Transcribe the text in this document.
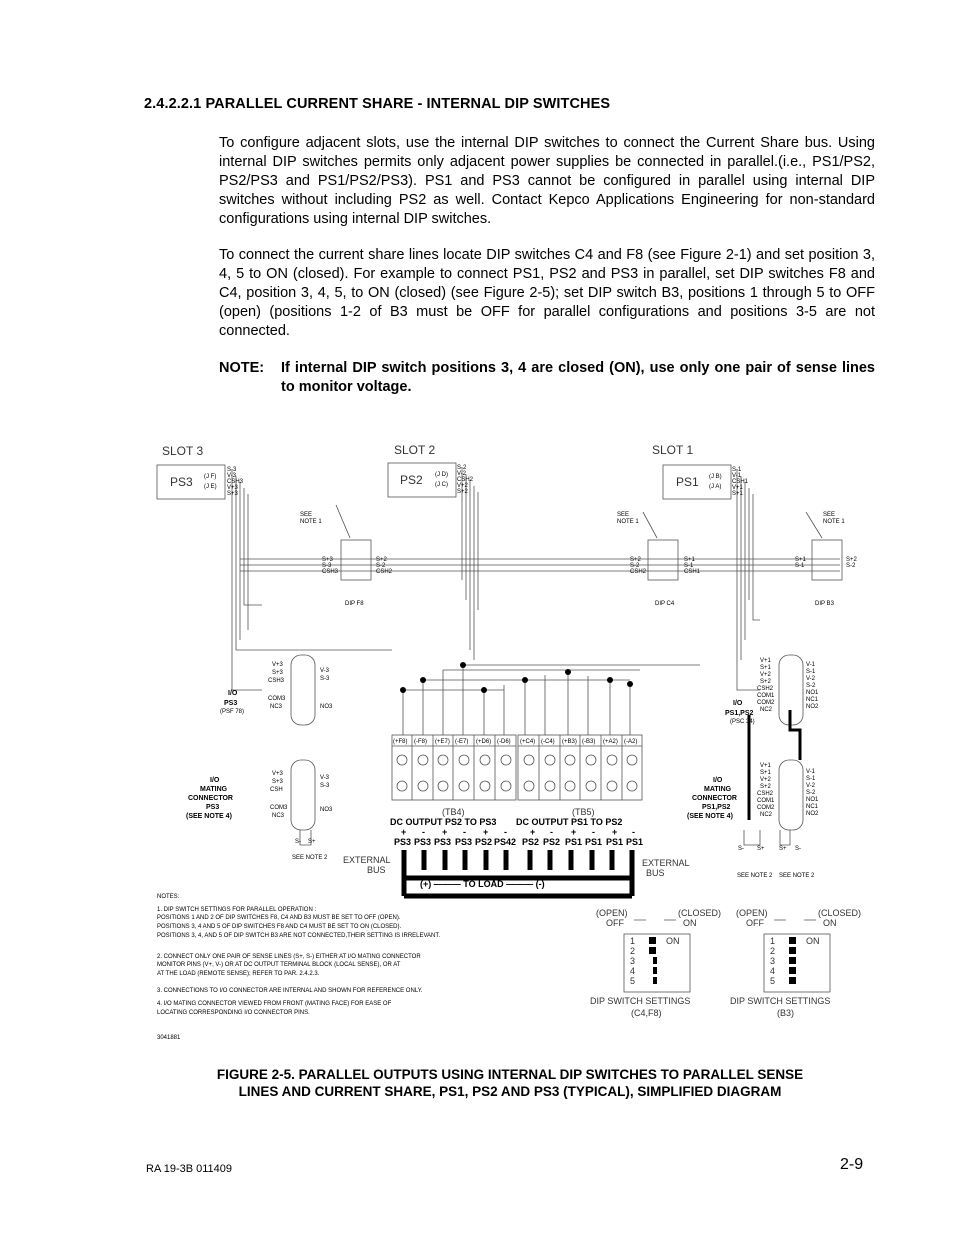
2.4.2.2.1 PARALLEL CURRENT SHARE - INTERNAL DIP SWITCHES
To configure adjacent slots, use the internal DIP switches to connect the Current Share bus. Using internal DIP switches permits only adjacent power supplies be connected in parallel.(i.e., PS1/PS2, PS2/PS3 and PS1/PS2/PS3). PS1 and PS3 cannot be configured in parallel using internal DIP switches without including PS2 as well. Contact Kepco Applications Engineering for non-standard configurations using internal DIP switches.
To connect the current share lines locate DIP switches C4 and F8 (see Figure 2-1) and set position 3, 4, 5 to ON (closed). For example to connect PS1, PS2 and PS3 in parallel, set DIP switches F8 and C4, position 3, 4, 5, to ON (closed) (see Figure 2-5); set DIP switch B3, positions 1 through 5 to OFF (open) (positions 1-2 of B3 must be OFF for parallel configurations and positions 3-5 are not connected.
NOTE: If internal DIP switch positions 3, 4 are closed (ON), use only one pair of sense lines to monitor voltage.
SLOT 3	SLOT 2	SLOT 1
PS3	PS2	PS1
(J F)
(J E)
(J D)
(J C)
(J B)
(J A)
S-3
V-3
CSH3
V+3
S+3
S-2
V-2
CSH2
V+2
S+2
S-1
V-1
CSH1
V+1
S+1
SEE
NOTE 1
SEE
NOTE 1
SEE
NOTE 1
DIP F8	DIP C4	DIP B3
S+3
S-3
CSH3
S+2
S-2
CSH2
S+2
S-2
CSH2
S+1
S-1
CSH1
S+1
S-1
S+2
S-2
I/O
PS3
(PSF 78)
V+3
S+3
CSH3
COM3
NC3
V-3
S-3
NO3	I/O
PS1,PS2
(PSC 34)
V+1
S+1
V+2
S+2
CSH2
COM1
COM2
NC2
V-1
S-1
V-2
S-2
NO1
NC1
NO2
I/O
MATING
CONNECTOR
PS3
(SEE NOTE 4)
I/O
MATING
CONNECTOR
PS1,PS2
(SEE NOTE 4)
V+3
S+3
CSH
COM3
NC3
V-3
S-3
NO3
V+1
S+1
V+2
S+2
CSH2
COM1
COM2
NC2
V-1
S-1
V-2
S-2
NO1
NC1
NO2
SEE NOTE 2
SEE NOTE 2 SEE NOTE 2
S- S+
S- S+ S+ S-
(+F8) (-F8) (+E7) (-E7) (+D6) (-D6) (+C4) (-C4) (+B3) (-B3) (+A2) (-A2)
(TB4)	(TB5)
DC OUTPUT PS2 TO PS3 DC OUTPUT PS1 TO PS2
+ - + - + -	+ - + - + -
PS3 PS3 PS3 PS3 PS2 PS42 PS2 PS2 PS1 PS1 PS1 PS1
EXTERNAL
BUS
EXTERNAL
BUS
(+) ——— TO LOAD ——— (-)
NOTES:
1. DIP SWITCH SETTINGS FOR PARALLEL OPERATION :
POSITIONS 1 AND 2 OF DIP SWITCHES F8, C4 AND B3 MUST BE SET TO OFF (OPEN).
POSITIONS 3, 4 AND 5 OF DIP SWITCHES F8 AND C4 MUST BE SET TO ON (CLOSED).
POSITIONS 3, 4, AND 5 OF DIP SWITCH B3 ARE NOT CONNECTED,THEIR SETTING IS IRRELEVANT.
2. CONNECT ONLY ONE PAIR OF SENSE LINES (S+, S-) EITHER AT I/O MATING CONNECTOR
MONITOR PINS (V+, V-) OR AT DC OUTPUT TERMINAL BLOCK (LOCAL SENSE), OR AT
AT THE LOAD (REMOTE SENSE); REFER TO PAR. 2.4.2.3.
3. CONNECTIONS TO I/O CONNECTOR ARE INTERNAL AND SHOWN FOR REFERENCE ONLY.
4. I/O MATING CONNECTOR VIEWED FROM FRONT (MATING FACE) FOR EASE OF
LOCATING CORRESPONDING I/O CONNECTOR PINS.
3041881
(OPEN)
OFF
(CLOSED)
ON
(OPEN)
OFF
(CLOSED)
ON
ON	ON
1
2
3
4
5
1
2
3
4
5
DIP SWITCH SETTINGS
(C4,F8)
DIP SWITCH SETTINGS
(B3)
FIGURE 2-5. PARALLEL OUTPUTS USING INTERNAL DIP SWITCHES TO PARALLEL SENSE
LINES AND CURRENT SHARE, PS1, PS2 AND PS3 (TYPICAL), SIMPLIFIED DIAGRAM
RA 19-3B 011409	2-9
